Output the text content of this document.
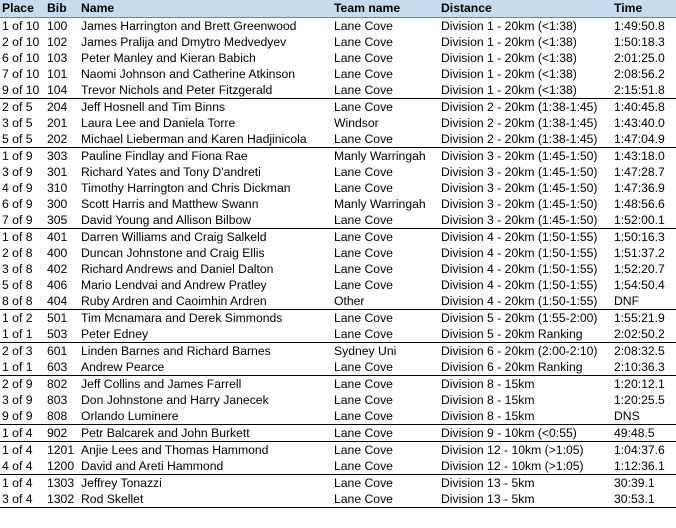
Place	Bib	Name	Team name	Distance	Time
1 of 10	100	James Harrington and Brett Greenwood	Lane Cove	Division 1 - 20km (<1:38)	1:49:50.8
2 of 10	102	James Pralija and Dmytro Medvedyev	Lane Cove	Division 1 - 20km (<1:38)	1:50:18.3
6 of 10	103	Peter Manley and Kieran Babich	Lane Cove	Division 1 - 20km (<1:38)	2:01:25.0
7 of 10	101	Naomi Johnson and Catherine Atkinson	Lane Cove	Division 1 - 20km (<1:38)	2:08:56.2
9 of 10	104	Trevor Nichols and Peter Fitzgerald	Lane Cove	Division 1 - 20km (<1:38)	2:15:51.8
2 of 5	204	Jeff Hosnell and Tim Binns	Lane Cove	Division 2 - 20km (1:38-1:45)	1:40:45.8
3 of 5	201	Laura Lee and Daniela Torre	Windsor	Division 2 - 20km (1:38-1:45)	1:43:40.0
5 of 5	202	Michael Lieberman and Karen Hadjinicola	Lane Cove	Division 2 - 20km (1:38-1:45)	1:47:04.9
1 of 9	303	Pauline Findlay and Fiona Rae	Manly Warringah	Division 3 - 20km (1:45-1:50)	1:43:18.0
3 of 9	301	Richard Yates and Tony D'andreti	Lane Cove	Division 3 - 20km (1:45-1:50)	1:47:28.7
4 of 9	310	Timothy Harrington and Chris Dickman	Lane Cove	Division 3 - 20km (1:45-1:50)	1:47:36.9
6 of 9	300	Scott Harris and Matthew Swann	Manly Warringah	Division 3 - 20km (1:45-1:50)	1:48:56.6
7 of 9	305	David Young and Allison Bilbow	Lane Cove	Division 3 - 20km (1:45-1:50)	1:52:00.1
1 of 8	401	Darren Williams and Craig Salkeld	Lane Cove	Division 4 - 20km (1:50-1:55)	1:50:16.3
2 of 8	400	Duncan Johnstone and Craig Ellis	Lane Cove	Division 4 - 20km (1:50-1:55)	1:51:37.2
3 of 8	402	Richard Andrews and Daniel Dalton	Lane Cove	Division 4 - 20km (1:50-1:55)	1:52:20.7
5 of 8	406	Mario Lendvai and Andrew Pratley	Lane Cove	Division 4 - 20km (1:50-1:55)	1:54:50.4
8 of 8	404	Ruby Ardren and Caoimhin Ardren	Other	Division 4 - 20km (1:50-1:55)	DNF
1 of 2	501	Tim Mcnamara and Derek Simmonds	Lane Cove	Division 5 - 20km (1:55-2:00)	1:55:21.9
1 of 1	503	Peter Edney	Lane Cove	Division 5 - 20km Ranking	2:02:50.2
2 of 3	601	Linden Barnes and Richard Barnes	Sydney Uni	Division 6 - 20km (2:00-2:10)	2:08:32.5
1 of 1	603	Andrew Pearce	Lane Cove	Division 6 - 20km Ranking	2:10:36.3
2 of 9	802	Jeff Collins and James Farrell	Lane Cove	Division 8 - 15km	1:20:12.1
3 of 9	803	Don Johnstone and Harry Janecek	Lane Cove	Division 8 - 15km	1:20:25.5
9 of 9	808	Orlando Luminere	Lane Cove	Division 8 - 15km	DNS
1 of 4	902	Petr Balcarek and John Burkett	Lane Cove	Division 9 - 10km (<0:55)	49:48.5
1 of 4	1201	Anjie Lees and Thomas Hammond	Lane Cove	Division 12 - 10km (>1:05)	1:04:37.6
4 of 4	1200	David and Areti Hammond	Lane Cove	Division 12 - 10km (>1:05)	1:12:36.1
1 of 4	1303	Jeffrey Tonazzi	Lane Cove	Division 13 - 5km	30:39.1
3 of 4	1302	Rod Skellet	Lane Cove	Division 13 - 5km	30:53.1
